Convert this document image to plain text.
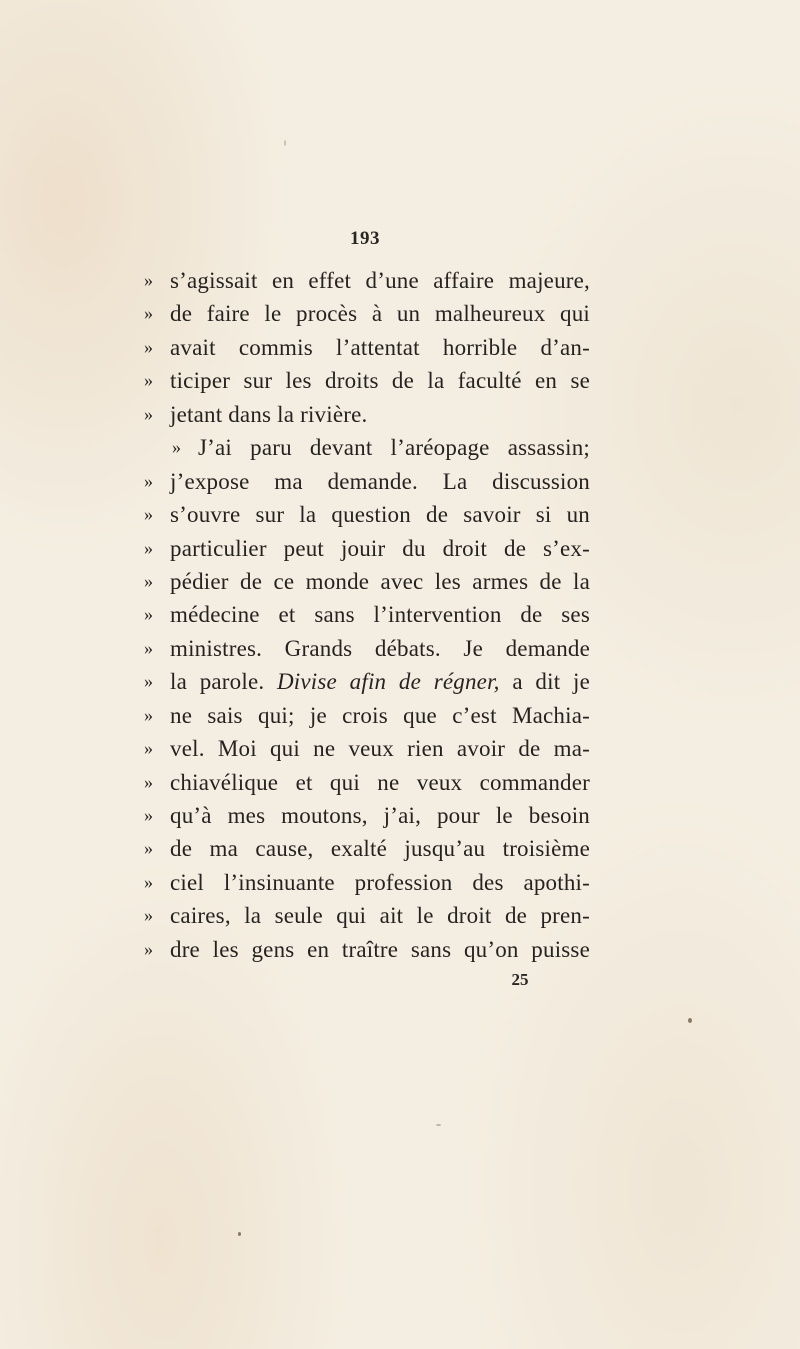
193
» s’agissait en effet d’une affaire majeure,
» de faire le procès à un malheureux qui
» avait commis l’attentat horrible d’an-
» ticiper sur les droits de la faculté en se
» jetant dans la rivière.
» J’ai paru devant l’aréopage assassin;
» j’expose ma demande. La discussion
» s’ouvre sur la question de savoir si un
» particulier peut jouir du droit de s’ex-
» pédier de ce monde avec les armes de la
» médecine et sans l’intervention de ses
» ministres. Grands débats. Je demande
» la parole. Divise afin de régner, a dit je
» ne sais qui; je crois que c’est Machia-
» vel. Moi qui ne veux rien avoir de ma-
» chiavélique et qui ne veux commander
» qu’à mes moutons, j’ai, pour le besoin
» de ma cause, exalté jusqu’au troisième
» ciel l’insinuante profession des apothi-
» caires, la seule qui ait le droit de pren-
» dre les gens en traître sans qu’on puisse
25
